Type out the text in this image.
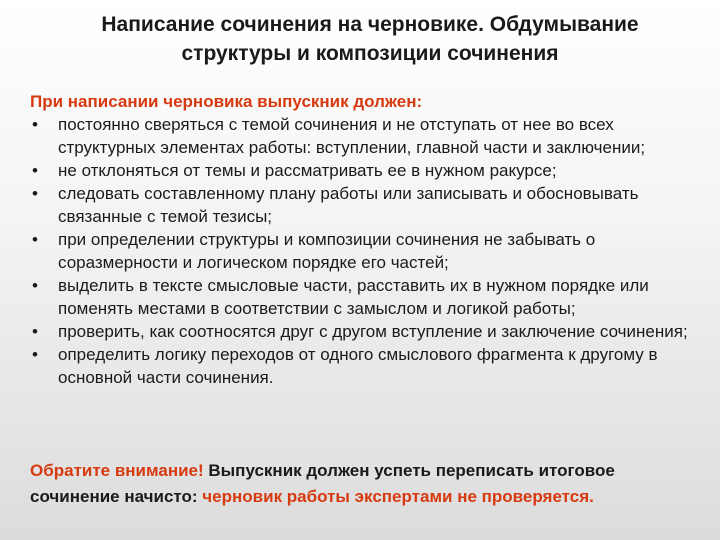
Написание сочинения на черновике. Обдумывание
структуры и композиции сочинения
При написании черновика выпускник должен:
• постоянно сверяться с темой сочинения и не отступать от нее во всех структурных элементах работы: вступлении, главной части и заключении;
• не отклоняться от темы и рассматривать ее в нужном ракурсе;
• следовать составленному плану работы или записывать и обосновывать связанные с темой тезисы;
• при определении структуры и композиции сочинения не забывать о соразмерности и логическом порядке его частей;
• выделить в тексте смысловые части, расставить их в нужном порядке или поменять местами в соответствии с замыслом и логикой работы;
• проверить, как соотносятся друг с другом вступление и заключение сочинения;
• определить логику переходов от одного смыслового фрагмента к другому в основной части сочинения.
Обратите внимание! Выпускник должен успеть переписать итоговое сочинение начисто: черновик работы экспертами не проверяется.
